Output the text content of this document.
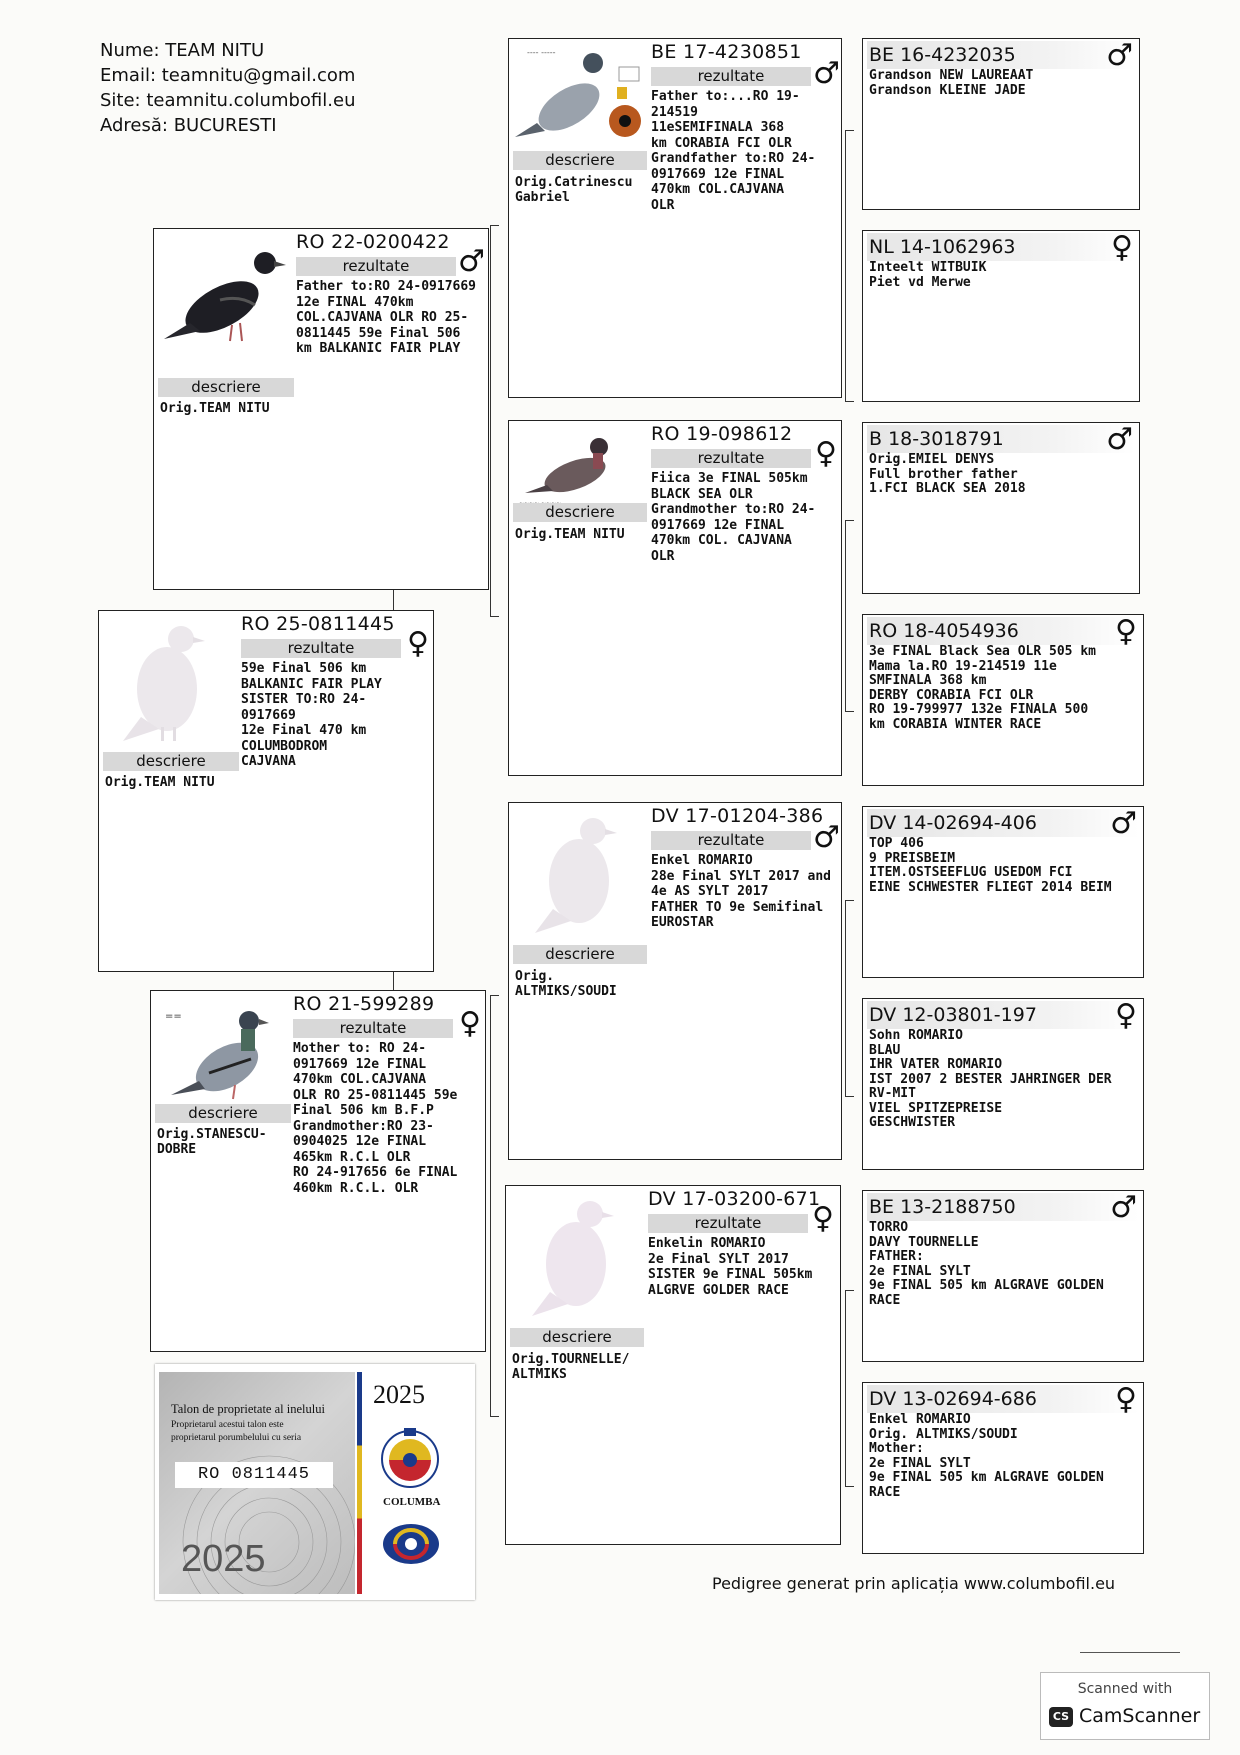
Nume: TEAM NITU
Email: teamnitu@gmail.com
Site: teamnitu.columbofil.eu
Adresă: BUCURESTI
RO 22-0200422
rezultate	♂
Father to:RO 24-0917669
12e FINAL 470km
COL.CAJVANA OLR RO 25-
0811445 59e Final 506
km BALKANIC FAIR PLAY
descriere
Orig.TEAM NITU
RO 25-0811445
rezultate	♀
59e Final 506 km
BALKANIC FAIR PLAY
SISTER TO:RO 24-
0917669
12e Final 470 km
COLUMBODROM
CAJVANA
descriere
Orig.TEAM NITU
==
RO 21-599289
rezultate	♀
Mother to: RO 24-
0917669 12e FINAL
470km COL.CAJVANA
OLR RO 25-0811445 59e
Final 506 km B.F.P
Grandmother:RO 23-
0904025 12e FINAL
465km R.C.L OLR
RO 24-917656 6e FINAL
460km R.C.L. OLR
descriere
Orig.STANESCU-
DOBRE
---- -----	BE 17-4230851
rezultate	♂
Father to:...RO 19-
214519
11eSEMIFINALA 368
km CORABIA FCI OLR
Grandfather to:RO 24-
0917669 12e FINAL
470km COL.CAJVANA
OLR
descriere
Orig.Catrinescu
Gabriel
RO 19-098612
rezultate	♀
Fiica 3e FINAL 505km
BLACK SEA OLR
Grandmother to:RO 24-
0917669 12e FINAL
470km COL. CAJVANA
OLR
descriere
Orig.TEAM NITU
DV 17-01204-386
rezultate	♂
Enkel ROMARIO
28e Final SYLT 2017 and
4e AS SYLT 2017
FATHER TO 9e Semifinal
EUROSTAR
descriere
Orig.
ALTMIKS/SOUDI
DV 17-03200-671
rezultate	♀
Enkelin ROMARIO
2e Final SYLT 2017
SISTER 9e FINAL 505km
ALGRVE GOLDER RACE
descriere
Orig.TOURNELLE/
ALTMIKS
BE 16-4232035	♂
Grandson NEW LAUREAAT
Grandson KLEINE JADE
NL 14-1062963	♀
Inteelt WITBUIK
Piet vd Merwe
B 18-3018791	♂
Orig.EMIEL DENYS
Full brother father
1.FCI BLACK SEA 2018
RO 18-4054936	♀
3e FINAL Black Sea OLR 505 km
Mama la.RO 19-214519 11e
SMFINALA 368 km
DERBY CORABIA FCI OLR
RO 19-799977 132e FINALA 500
km CORABIA WINTER RACE
DV 14-02694-406	♂
TOP 406
9 PREISBEIM
ITEM.OSTSEEFLUG USEDOM FCI
EINE SCHWESTER FLIEGT 2014 BEIM
DV 12-03801-197	♀
Sohn ROMARIO
BLAU
IHR VATER ROMARIO
IST 2007 2 BESTER JAHRINGER DER
RV-MIT
VIEL SPITZEPREISE
GESCHWISTER
BE 13-2188750	♂
TORRO
DAVY TOURNELLE
FATHER:
2e FINAL SYLT
9e FINAL 505 km ALGRAVE GOLDEN
RACE
DV 13-02694-686	♀
Enkel ROMARIO
Orig. ALTMIKS/SOUDI
Mother:
2e FINAL SYLT
9e FINAL 505 km ALGRAVE GOLDEN
RACE
Talon de proprietate al inelului
Proprietarul acestui talon este
proprietarul porumbelului cu seria
RO 0811445
2025
2025
COLUMBA
Pedigree generat prin aplicația www.columbofil.eu
Scanned with
CS CamScanner
